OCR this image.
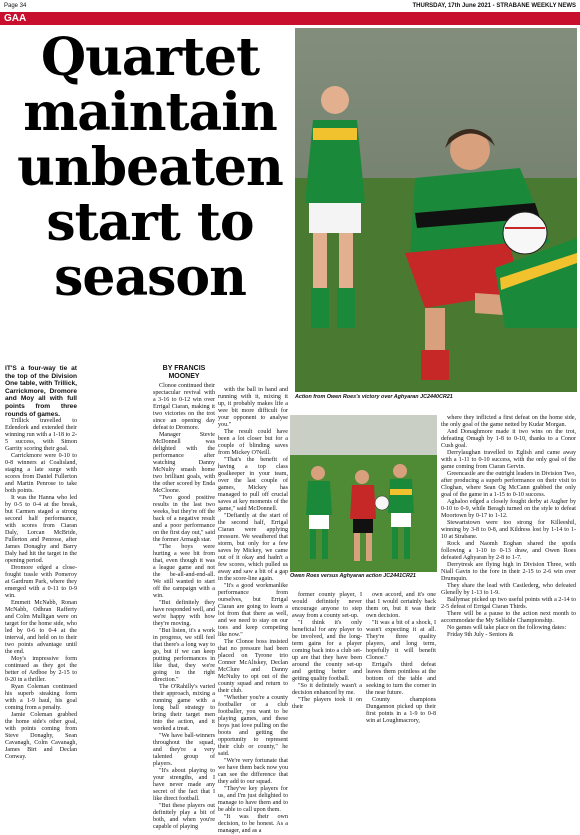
Page 34	THURSDAY, 17th June 2021 - STRABANE WEEKLY NEWS
GAA
Quartet maintain unbeaten start to season
Action from Owen Roes's victory over Aghyaran JC2440CR21
Owen Roes versus Aghyaran action JC2441CR21

IT'S a four-way tie at the top of the Division One table, with Trillick, Carrickmore, Dromore and Moy all with full points from three rounds of games.

Trillick travelled to Edendork and extended their winning run with a 1-18 to 2-5 success, with Simon Garrity scoring their goal.

Carrickmore were 0-10 to 0-8 winners at Coalisland, staging a late surge with scores from Daniel Fullerton and Martin Penrose to take both points.

It was the Hanna who led by 0-5 to 0-4 at the break, but Carmen staged a strong second half performance, with scores from Ciaran Daly, Lorcan McBride, Fullerton and Penrose, after James Donaghy and Barry Daly had hit the target in the opening period.

Dromore edged a close-fought tussle with Pomeroy at Gardrum Park, where they emerged with a 0-11 to 0-9 win.

Emmett McNabb, Ronan McNabb, Odhran Rafferty and Colm Mulligan were on target for the home side, who led by 0-6 to 0-4 at the interval, and held on to their two points advantage until the end.

Moy's impressive form continued as they got the better of Ardboe by 2-15 to 0-20 in a thriller.

Ryan Coleman continued his superb steaking form with a 1-9 haul, his goal coming from a penalty.

Jamie Coleman grabbed the home side's other goal, with points coming from Steve Donaghy, Sean Cavanagh, Colm Cavanagh, James Birt and Declan Conway.

BY FRANCIS MOONEY

Clonoe continued their spectacular revival with a 3-16 to 0-12 win over Errigal Ciaran, making it two victories on the trot since an opening day defeat to Dromore.

Manager Stevie McDonnell was delighted with the performance after watching Danny McNulty smash home two brilliant goals, with the other scored by Enda McCloone.

"Two good positive results in the last two weeks, but they're off the back of a negative result and a poor performance on the first day out," said the former Armagh star.

"The boys were hurting a wee bit from that, even though it was a league game and not the be-all-and-end-all. We still wanted to start off the campaign with a win.

"But definitely they have responded well, and we're happy with how they're moving.

"But listen, it's a work in progress, we still feel that there's a long way to go, but if we can keep putting performances in like that, they we're going in the right direction."

The O'Rahilly's varied their approach, mixing a running game with a long ball strategy to bring their target men into the action, and it worked a treat.

"We have ball-winners throughout the squad, and they're a very talented group of players.

"It's about playing to your strengths, and I have never made any secret of the fact that I like direct football.

"But these players out definitely play a bit of both, and when you're capable of playing

with the ball in hand and running with it, mixing it up, it probably makes life a wee bit more difficult for your opponent to analyse you."

The result could have been a lot closer but for a couple of blinding saves from Mickey O'Neill.

"That's the benefit of having a top class goalkeeper in your team, over the last couple of games, Mickey has managed to pull off crucial saves at key moments of the game," said McDonnell.

"Defiantly at the start of the second half, Errigal Ciaran were applying pressure. We weathered that storm, but only for a few saves by Mickey, we came out of it okay and hadn't a few scores, which pulled us away and saw a bit of a gap in the score-line again.

"It's a good workmanlike performance from ourselves, but Errigal Ciaran are going to learn a lot from that there as well, and we need to stay on our toes and keep competing like now."

The Clonoe boss insisted that no pressure had been placed on Tyrone trio Conner McAliskey, Declan McClure and Danny McNulty to opt out of the county squad and return to their club.

"Whether you're a county footballer or a club footballer, you want to be playing games, and these boys just love pulling on the boots and getting the opportunity to represent their club or county," he said.

"We're very fortunate that we have them back now you can see the difference that they add to our squad.

"They've key players for us, and I'm just delighted to manage to have them and to be able to call upon them.

"It was their own decision, to be honest. As a manager, and as a

former county player, I would definitely never encourage anyone to step away from a county set-up.

"I think it's only beneficial for any player to be involved, and the long-term gains for a player coming back into a club set-up are that they have been around the county set-up and getting better and getting quality football.

"So it definitely wasn't a decision enhanced by me.

"The players took it on their

own accord, and it's one that I would certainly back them on, but it was their own decision.

"It was a bit of a shock, I wasn't expecting it at all. They're three quality players, and long term, hopefully it will benefit Clonoe."

Errigal's third defeat leaves them pointless at the bottom of the table and seeking to turn the corner in the near future.

County champions Dungannon picked up their first points in a 1-9 to 0-8 win at Loughmacrory,

where they inflicted a first defeat on the home side, the only goal of the game netted by Kudar Morgan.

And Donaghmore made it two wins on the trot, defeating Omagh by 1-8 to 0-10, thanks to a Conor Cush goal.

Derrylaughan travelled to Eglish and came away with a 1-11 to 0-10 success, with the only goal of the game coming from Ciaran Gervin.

Greencastle are the outright leaders in Division Two, after producing a superb performance on their visit to Cloghan, where Sean Og McCann grabbed the only goal of the game in a 1-15 to 0-10 success.

Aghaloo edged a closely fought derby at Augher by 0-10 to 0-9, while Beragh turned on the style to defeat Moortown by 0-17 to 1-12.

Stewartstown were too strong for Killeeshil, winning by 3-8 to 0-8, and Kildress lost by 1-14 to 1-10 at Strabane.

Rock and Naomh Eoghan shared the spoils following a 1-10 to 0-13 draw, and Owen Roes defeated Aghyaran by 2-8 to 1-7.

Derrytresk are flying high in Division Three, with Niall Gavin to the fore in their 2-15 to 2-6 win over Drumquin.

They share the lead with Castlederg, who defeated Glenelly by 1-13 to 1-9.

Ballymac picked up two useful points with a 2-14 to 2-5 defeat of Errigal Ciaran Thirds.

There will be a pause to the action next month to accommodate the My Selfable Championship.

No games will take place on the following dates:

Friday 9th July - Seniors &
